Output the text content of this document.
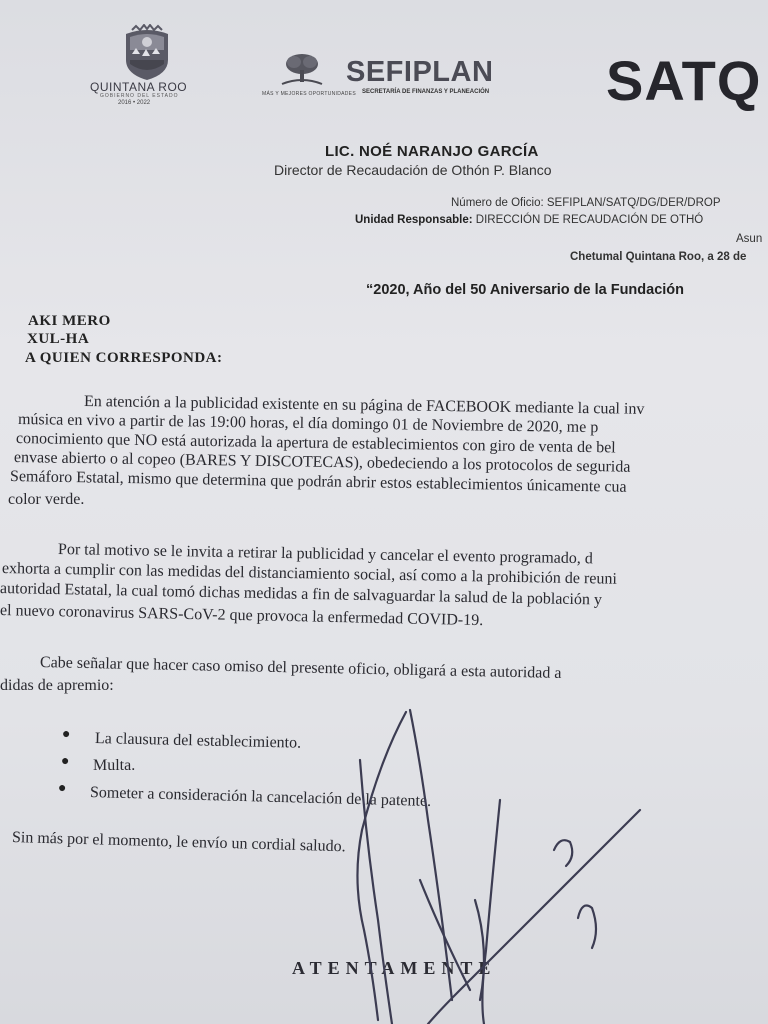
QUINTANA ROO
GOBIERNO DEL ESTADO
2016 • 2022
MÁS Y MEJORES OPORTUNIDADES
SEFIPLAN
SECRETARÍA DE FINANZAS Y PLANEACIÓN SATQ
LIC. NOÉ NARANJO GARCÍA
Director de Recaudación de Othón P. Blanco
Número de Oficio: SEFIPLAN/SATQ/DG/DER/DROP
Unidad Responsable: DIRECCIÓN DE RECAUDACIÓN DE OTHÓ
Asun
Chetumal Quintana Roo, a 28 de
“2020, Año del 50 Aniversario de la Fundación
AKI MERO
XUL-HA
A QUIEN CORRESPONDA:
En atención a la publicidad existente en su página de FACEBOOK mediante la cual inv
música en vivo a partir de las 19:00 horas, el día domingo 01 de Noviembre de 2020, me p
conocimiento que NO está autorizada la apertura de establecimientos con giro de venta de bel
envase abierto o al copeo (BARES Y DISCOTECAS), obedeciendo a los protocolos de segurida
Semáforo Estatal, mismo que determina que podrán abrir estos establecimientos únicamente cua
color verde.
Por tal motivo se le invita a retirar la publicidad y cancelar el evento programado, d
exhorta a cumplir con las medidas del distanciamiento social, así como a la prohibición de reuni
autoridad Estatal, la cual tomó dichas medidas a fin de salvaguardar la salud de la población y
el nuevo coronavirus SARS-CoV-2 que provoca la enfermedad COVID-19.
Cabe señalar que hacer caso omiso del presente oficio, obligará a esta autoridad a
didas de apremio:
● La clausura del establecimiento.
● Multa.
● Someter a consideración la cancelación de la patente.
Sin más por el momento, le envío un cordial saludo.
ATENTAMENTE
